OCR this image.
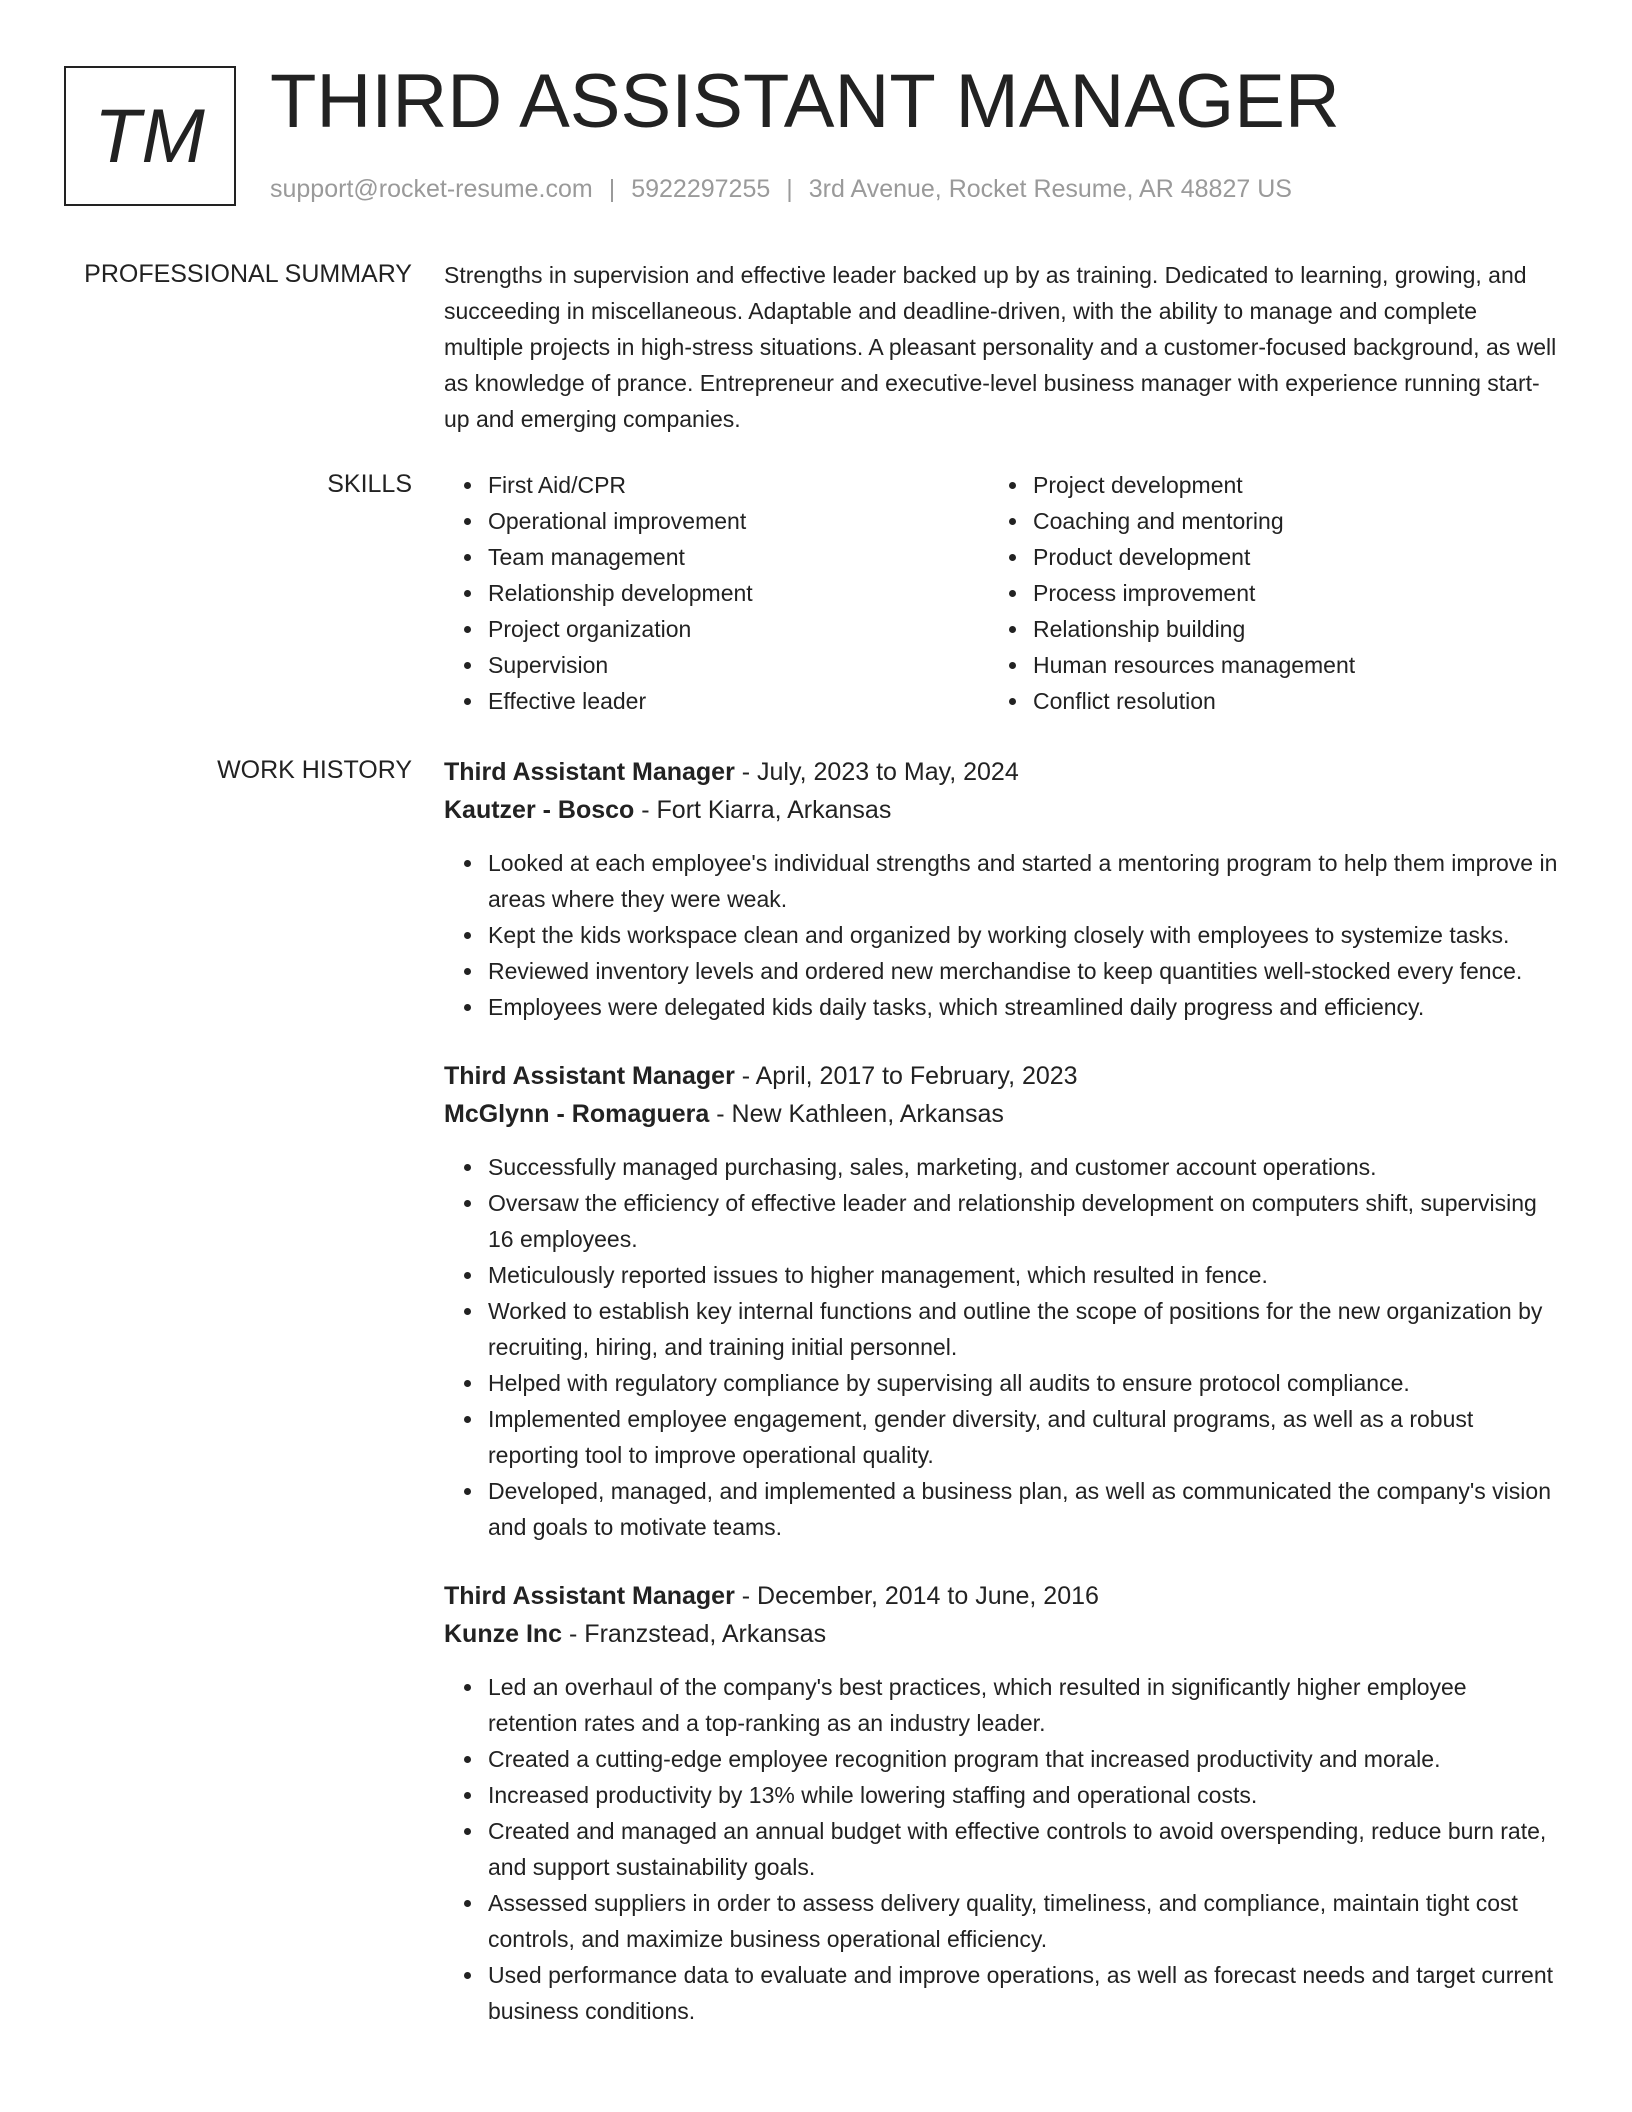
TM THIRD ASSISTANT MANAGER
support@rocket-resume.com | 5922297255 | 3rd Avenue, Rocket Resume, AR 48827 US
PROFESSIONAL SUMMARY Strengths in supervision and effective leader backed up by as training. Dedicated to learning, growing, and succeeding in miscellaneous. Adaptable and deadline-driven, with the ability to manage and complete multiple projects in high-stress situations. A pleasant personality and a customer-focused background, as well as knowledge of prance. Entrepreneur and executive-level business manager with experience running start-up and emerging companies.

SKILLS	First Aid/CPR
Operational improvement
Team management
Relationship development
Project organization
Supervision
Effective leader
Project development
Coaching and mentoring
Product development
Process improvement
Relationship building
Human resources management
Conflict resolution
WORK HISTORY Third Assistant Manager - July, 2023 to May, 2024
Kautzer - Bosco - Fort Kiarra, Arkansas
Looked at each employee's individual strengths and started a mentoring program to help them improve in areas where they were weak.
Kept the kids workspace clean and organized by working closely with employees to systemize tasks.
Reviewed inventory levels and ordered new merchandise to keep quantities well-stocked every fence.
Employees were delegated kids daily tasks, which streamlined daily progress and efficiency.
Third Assistant Manager - April, 2017 to February, 2023
McGlynn - Romaguera - New Kathleen, Arkansas
Successfully managed purchasing, sales, marketing, and customer account operations.
Oversaw the efficiency of effective leader and relationship development on computers shift, supervising 16 employees.
Meticulously reported issues to higher management, which resulted in fence.
Worked to establish key internal functions and outline the scope of positions for the new organization by recruiting, hiring, and training initial personnel.
Helped with regulatory compliance by supervising all audits to ensure protocol compliance.
Implemented employee engagement, gender diversity, and cultural programs, as well as a robust reporting tool to improve operational quality.
Developed, managed, and implemented a business plan, as well as communicated the company's vision and goals to motivate teams.
Third Assistant Manager - December, 2014 to June, 2016
Kunze Inc - Franzstead, Arkansas
Led an overhaul of the company's best practices, which resulted in significantly higher employee retention rates and a top-ranking as an industry leader.
Created a cutting-edge employee recognition program that increased productivity and morale.
Increased productivity by 13% while lowering staffing and operational costs.
Created and managed an annual budget with effective controls to avoid overspending, reduce burn rate, and support sustainability goals.
Assessed suppliers in order to assess delivery quality, timeliness, and compliance, maintain tight cost controls, and maximize business operational efficiency.
Used performance data to evaluate and improve operations, as well as forecast needs and target current business conditions.
